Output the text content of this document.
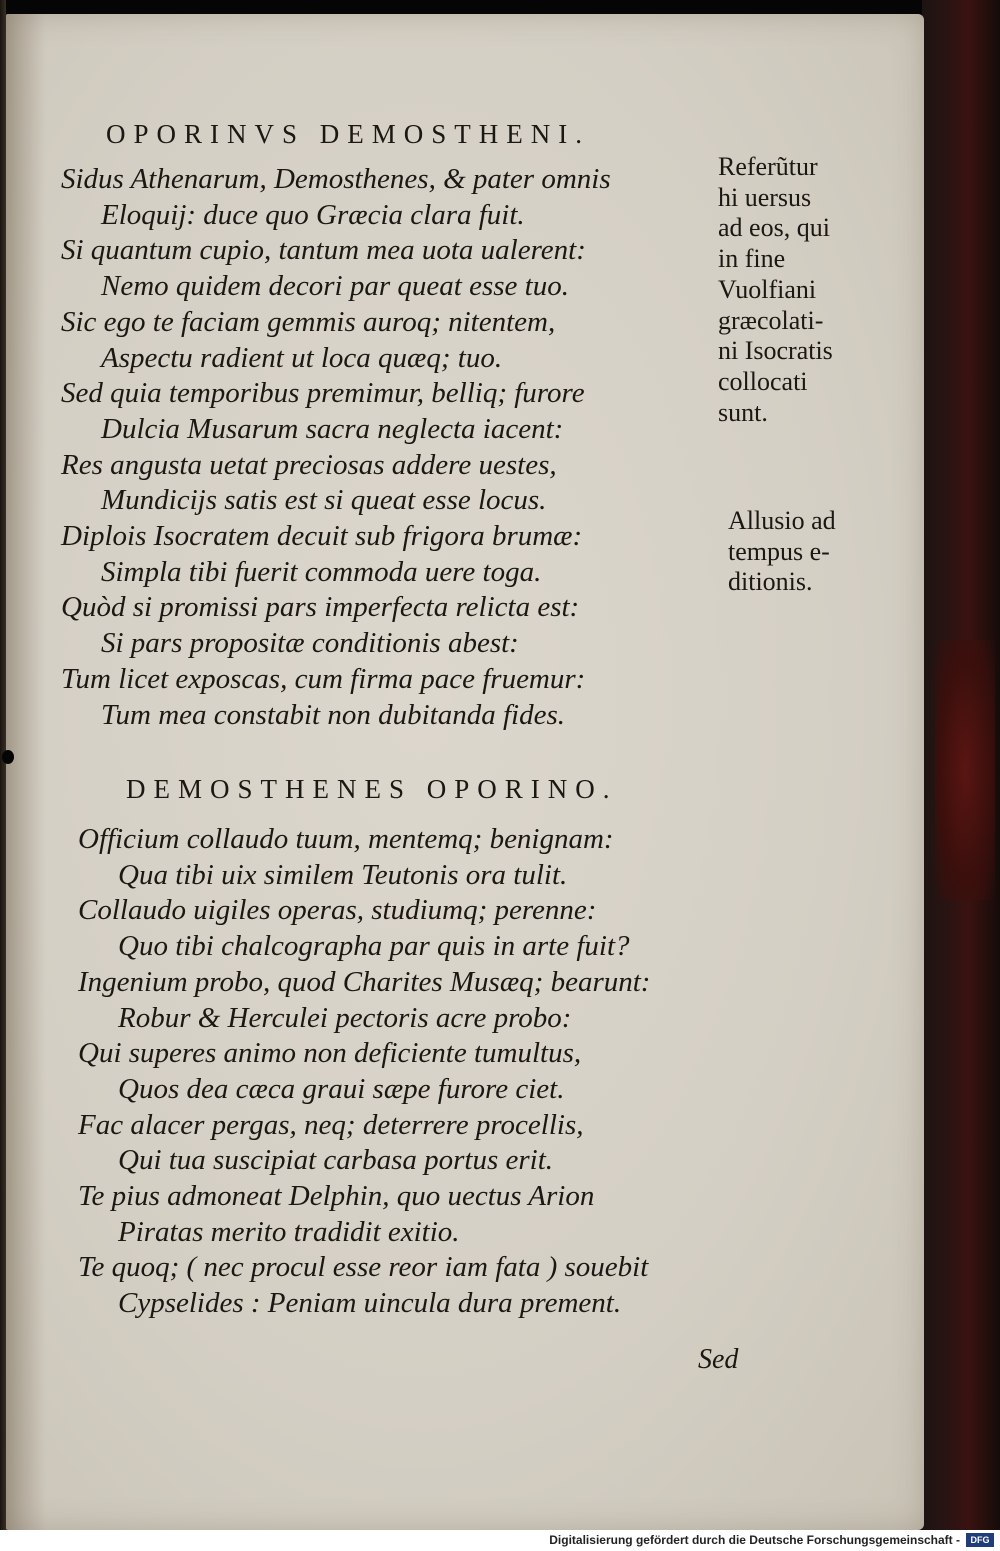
OPORINVS DEMOSTHENI.
Sidus Athenarum, Demosthenes, & pater omnis
Eloquij: duce quo Græcia clara fuit.
Si quantum cupio, tantum mea uota ualerent:
Nemo quidem decori par queat esse tuo.
Sic ego te faciam gemmis auroq; nitentem,
Aspectu radient ut loca quæq; tuo.
Sed quia temporibus premimur, belliq; furore
Dulcia Musarum sacra neglecta iacent:
Res angusta uetat preciosas addere uestes,
Mundicijs satis est si queat esse locus.
Diplois Isocratem decuit sub frigora brumæ:
Simpla tibi fuerit commoda uere toga.
Quòd si promissi pars imperfecta relicta est:
Si pars propositæ conditionis abest:
Tum licet exposcas, cum firma pace fruemur:
Tum mea constabit non dubitanda fides.
Referũtur
hi uersus
ad eos, qui
in fine
Vuolfiani
græcolati-
ni Isocratis
collocati
sunt.
Allusio ad
tempus e-
ditionis.
DEMOSTHENES OPORINO.
Officium collaudo tuum, mentemq; benignam:
Qua tibi uix similem Teutonis ora tulit.
Collaudo uigiles operas, studiumq; perenne:
Quo tibi chalcographa par quis in arte fuit?
Ingenium probo, quod Charites Musæq; bearunt:
Robur & Herculei pectoris acre probo:
Qui superes animo non deficiente tumultus,
Quos dea cæca graui sæpe furore ciet.
Fac alacer pergas, neq; deterrere procellis,
Qui tua suscipiat carbasa portus erit.
Te pius admoneat Delphin, quo uectus Arion
Piratas merito tradidit exitio.
Te quoq; ( nec procul esse reor iam fata ) souebit
Cypselides : Peniam uincula dura prement.
Sed
Digitalisierung gefördert durch die Deutsche Forschungsgemeinschaft -	DFG
